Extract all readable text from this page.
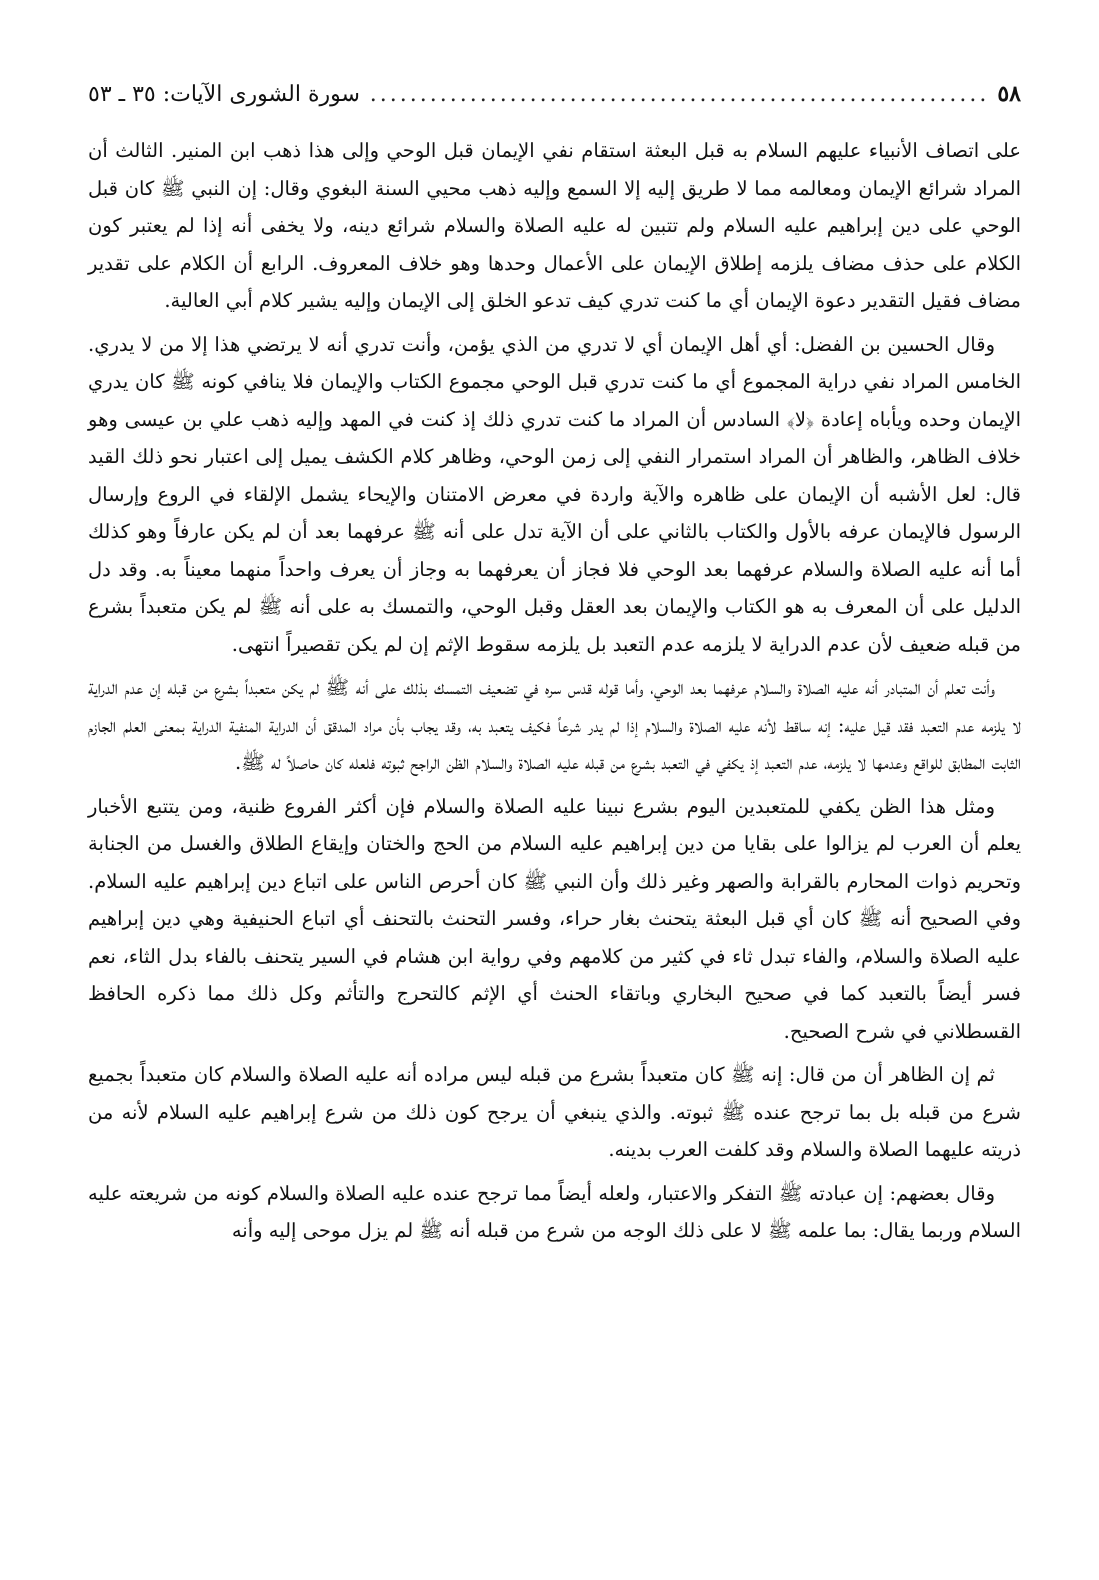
٥٨
.....
سورة الشورى الآيات: ٣٥ ـ ٥٣

على اتصاف الأنبياء عليهم السلام به قبل البعثة استقام نفي الإيمان قبل الوحي وإلى هذا ذهب ابن المنير. الثالث أن المراد شرائع الإيمان ومعالمه مما لا طريق إليه إلا السمع وإليه ذهب محيي السنة البغوي وقال: إن النبي ﷺ كان قبل الوحي على دين إبراهيم عليه السلام ولم تتبين له عليه الصلاة والسلام شرائع دينه، ولا يخفى أنه إذا لم يعتبر كون الكلام على حذف مضاف يلزمه إطلاق الإيمان على الأعمال وحدها وهو خلاف المعروف. الرابع أن الكلام على تقدير مضاف فقيل التقدير دعوة الإيمان أي ما كنت تدري كيف تدعو الخلق إلى الإيمان وإليه يشير كلام أبي العالية.

وقال الحسين بن الفضل: أي أهل الإيمان أي لا تدري من الذي يؤمن، وأنت تدري أنه لا يرتضي هذا إلا من لا يدري. الخامس المراد نفي دراية المجموع أي ما كنت تدري قبل الوحي مجموع الكتاب والإيمان فلا ينافي كونه ﷺ كان يدري الإيمان وحده ويأباه إعادة ﴿لا﴾ السادس أن المراد ما كنت تدري ذلك إذ كنت في المهد وإليه ذهب علي بن عيسى وهو خلاف الظاهر، والظاهر أن المراد استمرار النفي إلى زمن الوحي، وظاهر كلام الكشف يميل إلى اعتبار نحو ذلك القيد قال: لعل الأشبه أن الإيمان على ظاهره والآية واردة في معرض الامتنان والإيحاء يشمل الإلقاء في الروع وإرسال الرسول فالإيمان عرفه بالأول والكتاب بالثاني على أن الآية تدل على أنه ﷺ عرفهما بعد أن لم يكن عارفاً وهو كذلك أما أنه عليه الصلاة والسلام عرفهما بعد الوحي فلا فجاز أن يعرفهما به وجاز أن يعرف واحداً منهما معيناً به. وقد دل الدليل على أن المعرف به هو الكتاب والإيمان بعد العقل وقبل الوحي، والتمسك به على أنه ﷺ لم يكن متعبداً بشرع من قبله ضعيف لأن عدم الدراية لا يلزمه عدم التعبد بل يلزمه سقوط الإثم إن لم يكن تقصيراً انتهى.

وأنت تعلم أن المتبادر أنه عليه الصلاة والسلام عرفهما بعد الوحي، وأما قوله قدس سره في تضعيف التمسك بذلك على أنه ﷺ لم يكن متعبداً بشرع من قبله إن عدم الدراية لا يلزمه عدم التعبد فقد قيل عليه: إنه ساقط لأنه عليه الصلاة والسلام إذا لم يدر شرعاً فكيف يتعبد به، وقد يجاب بأن مراد المدقق أن الدراية المنفية الدراية بمعنى العلم الجازم الثابت المطابق للواقع وعدمها لا يلزمه، عدم التعبد إذ يكفي في التعبد بشرع من قبله عليه الصلاة والسلام الظن الراجح ثبوته فلعله كان حاصلاً له ﷺ.

ومثل هذا الظن يكفي للمتعبدين اليوم بشرع نبينا عليه الصلاة والسلام فإن أكثر الفروع ظنية، ومن يتتبع الأخبار يعلم أن العرب لم يزالوا على بقايا من دين إبراهيم عليه السلام من الحج والختان وإيقاع الطلاق والغسل من الجنابة وتحريم ذوات المحارم بالقرابة والصهر وغير ذلك وأن النبي ﷺ كان أحرص الناس على اتباع دين إبراهيم عليه السلام. وفي الصحيح أنه ﷺ كان أي قبل البعثة يتحنث بغار حراء، وفسر التحنث بالتحنف أي اتباع الحنيفية وهي دين إبراهيم عليه الصلاة والسلام، والفاء تبدل ثاء في كثير من كلامهم وفي رواية ابن هشام في السير يتحنف بالفاء بدل الثاء، نعم فسر أيضاً بالتعبد كما في صحيح البخاري وباتقاء الحنث أي الإثم كالتحرج والتأثم وكل ذلك مما ذكره الحافظ القسطلاني في شرح الصحيح.

ثم إن الظاهر أن من قال: إنه ﷺ كان متعبداً بشرع من قبله ليس مراده أنه عليه الصلاة والسلام كان متعبداً بجميع شرع من قبله بل بما ترجح عنده ﷺ ثبوته. والذي ينبغي أن يرجح كون ذلك من شرع إبراهيم عليه السلام لأنه من ذريته عليهما الصلاة والسلام وقد كلفت العرب بدينه.

وقال بعضهم: إن عبادته ﷺ التفكر والاعتبار، ولعله أيضاً مما ترجح عنده عليه الصلاة والسلام كونه من شريعته عليه السلام وربما يقال: بما علمه ﷺ لا على ذلك الوجه من شرع من قبله أنه ﷺ لم يزل موحى إليه وأنه
